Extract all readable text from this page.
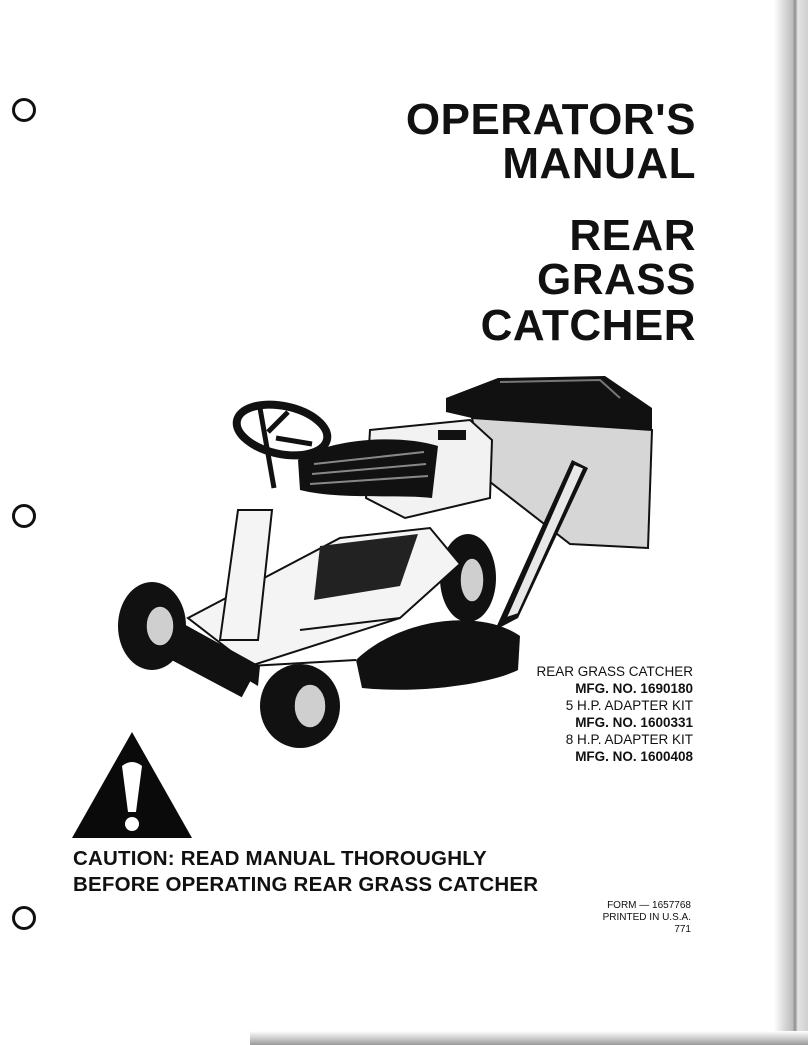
OPERATOR'S
MANUAL
REAR
GRASS
CATCHER
REAR GRASS CATCHER
MFG. NO. 1690180
5 H.P. ADAPTER KIT
MFG. NO. 1600331
8 H.P. ADAPTER KIT
MFG. NO. 1600408
CAUTION: READ MANUAL THOROUGHLY
BEFORE OPERATING REAR GRASS CATCHER
FORM — 1657768
PRINTED IN U.S.A.
771
